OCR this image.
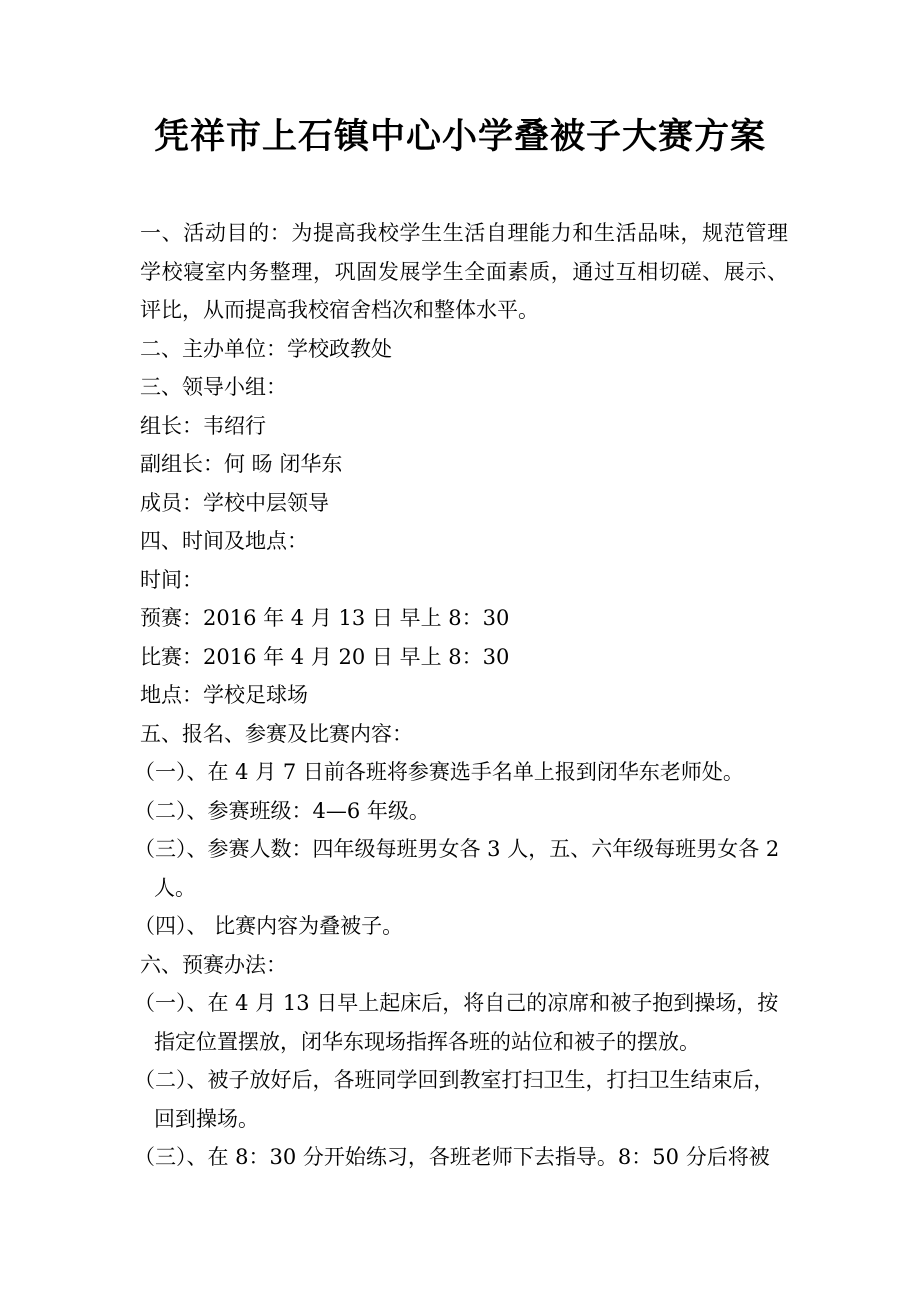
凭祥市上石镇中心小学叠被子大赛方案
一、活动目的：为提高我校学生生活自理能力和生活品味，规范管理
学校寝室内务整理，巩固发展学生全面素质，通过互相切磋、展示、
评比，从而提高我校宿舍档次和整体水平。
二、主办单位：学校政教处
三、领导小组：
组长：韦绍行
副组长：何 旸 闭华东
成员：学校中层领导
四、时间及地点：
时间：
预赛：2016 年 4 月 13 日 早上 8：30
比赛：2016 年 4 月 20 日 早上 8：30
地点：学校足球场
五、报名、参赛及比赛内容：
（一）、在 4 月 7 日前各班将参赛选手名单上报到闭华东老师处。
（二）、参赛班级：4—6 年级。
（三）、参赛人数：四年级每班男女各 3 人，五、六年级每班男女各 2
人。
（四）、 比赛内容为叠被子。
六、预赛办法：
（一）、在 4 月 13 日早上起床后，将自己的凉席和被子抱到操场，按
指定位置摆放，闭华东现场指挥各班的站位和被子的摆放。
（二）、被子放好后，各班同学回到教室打扫卫生，打扫卫生结束后，
回到操场。
（三）、在 8：30 分开始练习，各班老师下去指导。8：50 分后将被
